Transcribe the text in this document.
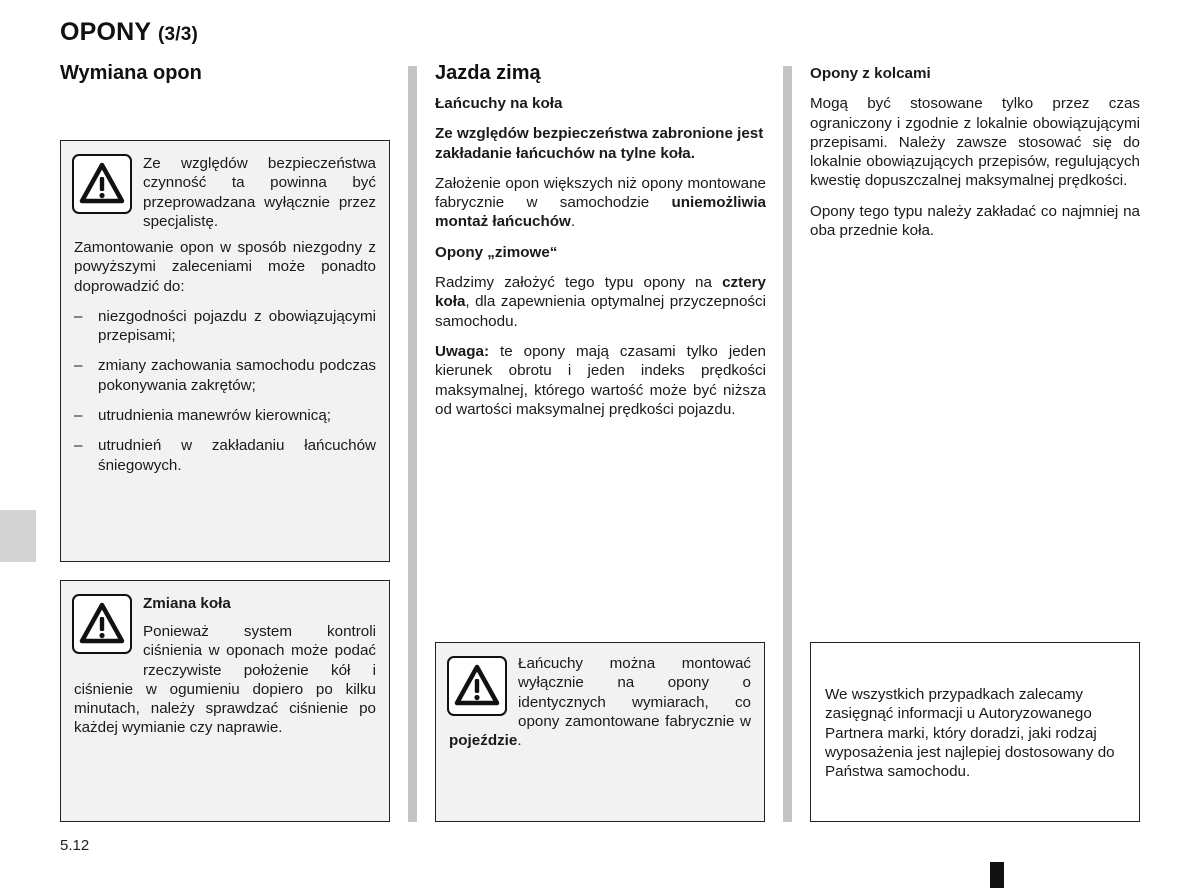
OPONY (3/3)
Wymiana opon
Ze względów bezpieczeństwa czynność ta powinna być przeprowadzana wyłącznie przez specjalistę.

Zamontowanie opon w sposób niezgodny z powyższymi zaleceniami może ponadto doprowadzić do:

– niezgodności pojazdu z obowiązującymi przepisami;
– zmiany zachowania samochodu podczas pokonywania zakrętów;
– utrudnienia manewrów kierownicą;
– utrudnień w zakładaniu łańcuchów śniegowych.
Zmiana koła
Ponieważ system kontroli ciśnienia w oponach może podać rzeczywiste położenie kół i ciśnienie w ogumieniu dopiero po kilku minutach, należy sprawdzać ciśnienie po każdej wymianie czy naprawie.
Jazda zimą

Łańcuchy na koła

Ze względów bezpieczeństwa zabronione jest zakładanie łańcuchów na tylne koła.

Założenie opon większych niż opony montowane fabrycznie w samochodzie uniemożliwia montaż łańcuchów.

Opony „zimowe“

Radzimy założyć tego typu opony na cztery koła, dla zapewnienia optymalnej przyczepności samochodu.

Uwaga: te opony mają czasami tylko jeden kierunek obrotu i jeden indeks prędkości maksymalnej, którego wartość może być niższa od wartości maksymalnej prędkości pojazdu.

Łańcuchy można montować wyłącznie na opony o identycznych wymiarach, co opony zamontowane fabrycznie w pojeździe.

Opony z kolcami

Mogą być stosowane tylko przez czas ograniczony i zgodnie z lokalnie obowiązującymi przepisami. Należy zawsze stosować się do lokalnie obowiązujących przepisów, regulujących kwestię dopuszczalnej maksymalnej prędkości.

Opony tego typu należy zakładać co najmniej na oba przednie koła.

We wszystkich przypadkach zalecamy zasięgnąć informacji u Autoryzowanego Partnera marki, który doradzi, jaki rodzaj wyposażenia jest najlepiej dostosowany do Państwa samochodu.
5.12
